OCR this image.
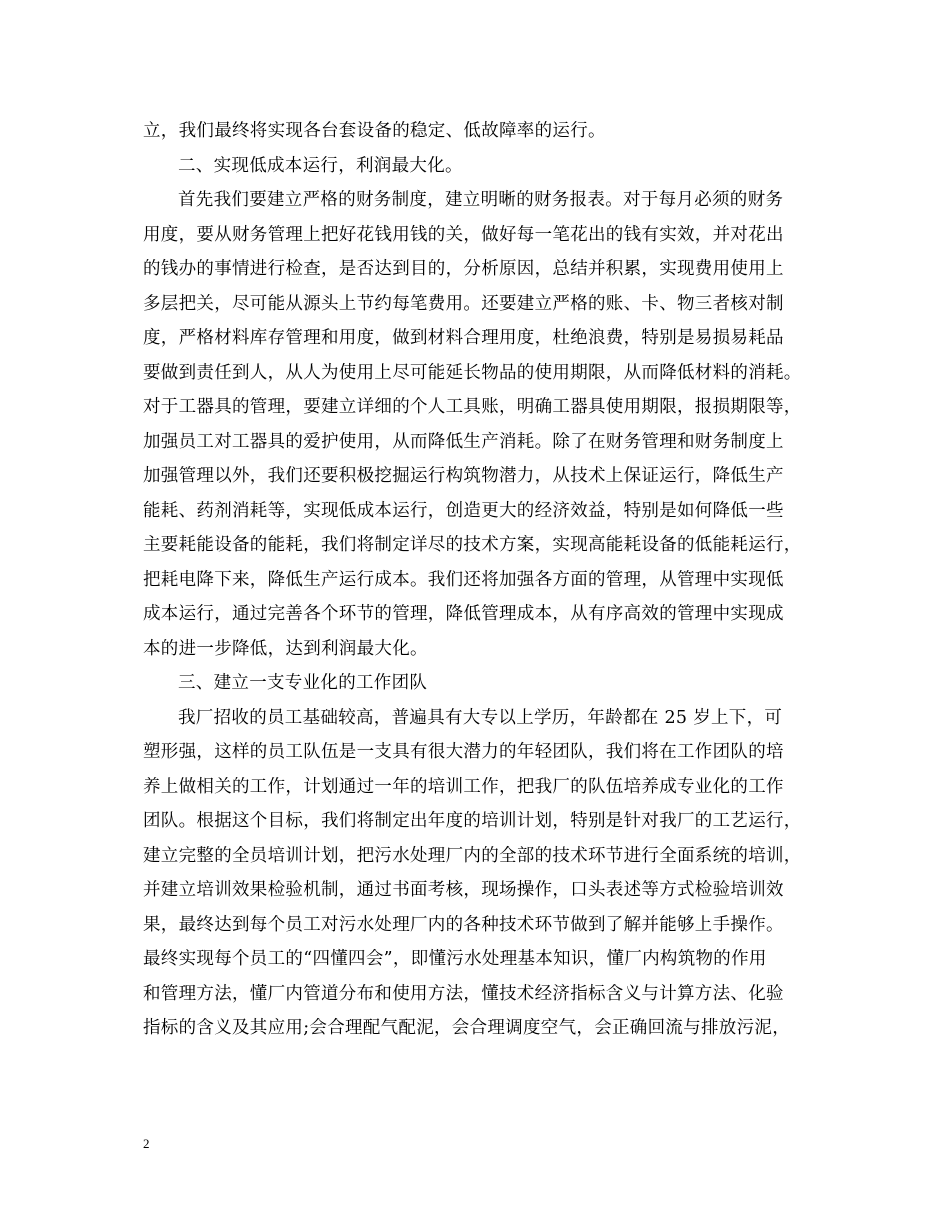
立，我们最终将实现各台套设备的稳定、低故障率的运行。
二、实现低成本运行，利润最大化。
首先我们要建立严格的财务制度，建立明晰的财务报表。对于每月必须的财务
用度，要从财务管理上把好花钱用钱的关，做好每一笔花出的钱有实效，并对花出
的钱办的事情进行检查，是否达到目的，分析原因，总结并积累，实现费用使用上
多层把关，尽可能从源头上节约每笔费用。还要建立严格的账、卡、物三者核对制
度，严格材料库存管理和用度，做到材料合理用度，杜绝浪费，特别是易损易耗品
要做到责任到人，从人为使用上尽可能延长物品的使用期限，从而降低材料的消耗。
对于工器具的管理，要建立详细的个人工具账，明确工器具使用期限，报损期限等，
加强员工对工器具的爱护使用，从而降低生产消耗。除了在财务管理和财务制度上
加强管理以外，我们还要积极挖掘运行构筑物潜力，从技术上保证运行，降低生产
能耗、药剂消耗等，实现低成本运行，创造更大的经济效益，特别是如何降低一些
主要耗能设备的能耗，我们将制定详尽的技术方案，实现高能耗设备的低能耗运行，
把耗电降下来，降低生产运行成本。我们还将加强各方面的管理，从管理中实现低
成本运行，通过完善各个环节的管理，降低管理成本，从有序高效的管理中实现成
本的进一步降低，达到利润最大化。
三、建立一支专业化的工作团队
我厂招收的员工基础较高，普遍具有大专以上学历，年龄都在 25 岁上下，可
塑形强，这样的员工队伍是一支具有很大潜力的年轻团队，我们将在工作团队的培
养上做相关的工作，计划通过一年的培训工作，把我厂的队伍培养成专业化的工作
团队。根据这个目标，我们将制定出年度的培训计划，特别是针对我厂的工艺运行，
建立完整的全员培训计划，把污水处理厂内的全部的技术环节进行全面系统的培训，
并建立培训效果检验机制，通过书面考核，现场操作，口头表述等方式检验培训效
果，最终达到每个员工对污水处理厂内的各种技术环节做到了解并能够上手操作。
最终实现每个员工的“四懂四会”，即懂污水处理基本知识，懂厂内构筑物的作用
和管理方法，懂厂内管道分布和使用方法，懂技术经济指标含义与计算方法、化验
指标的含义及其应用;会合理配气配泥，会合理调度空气，会正确回流与排放污泥，
2
